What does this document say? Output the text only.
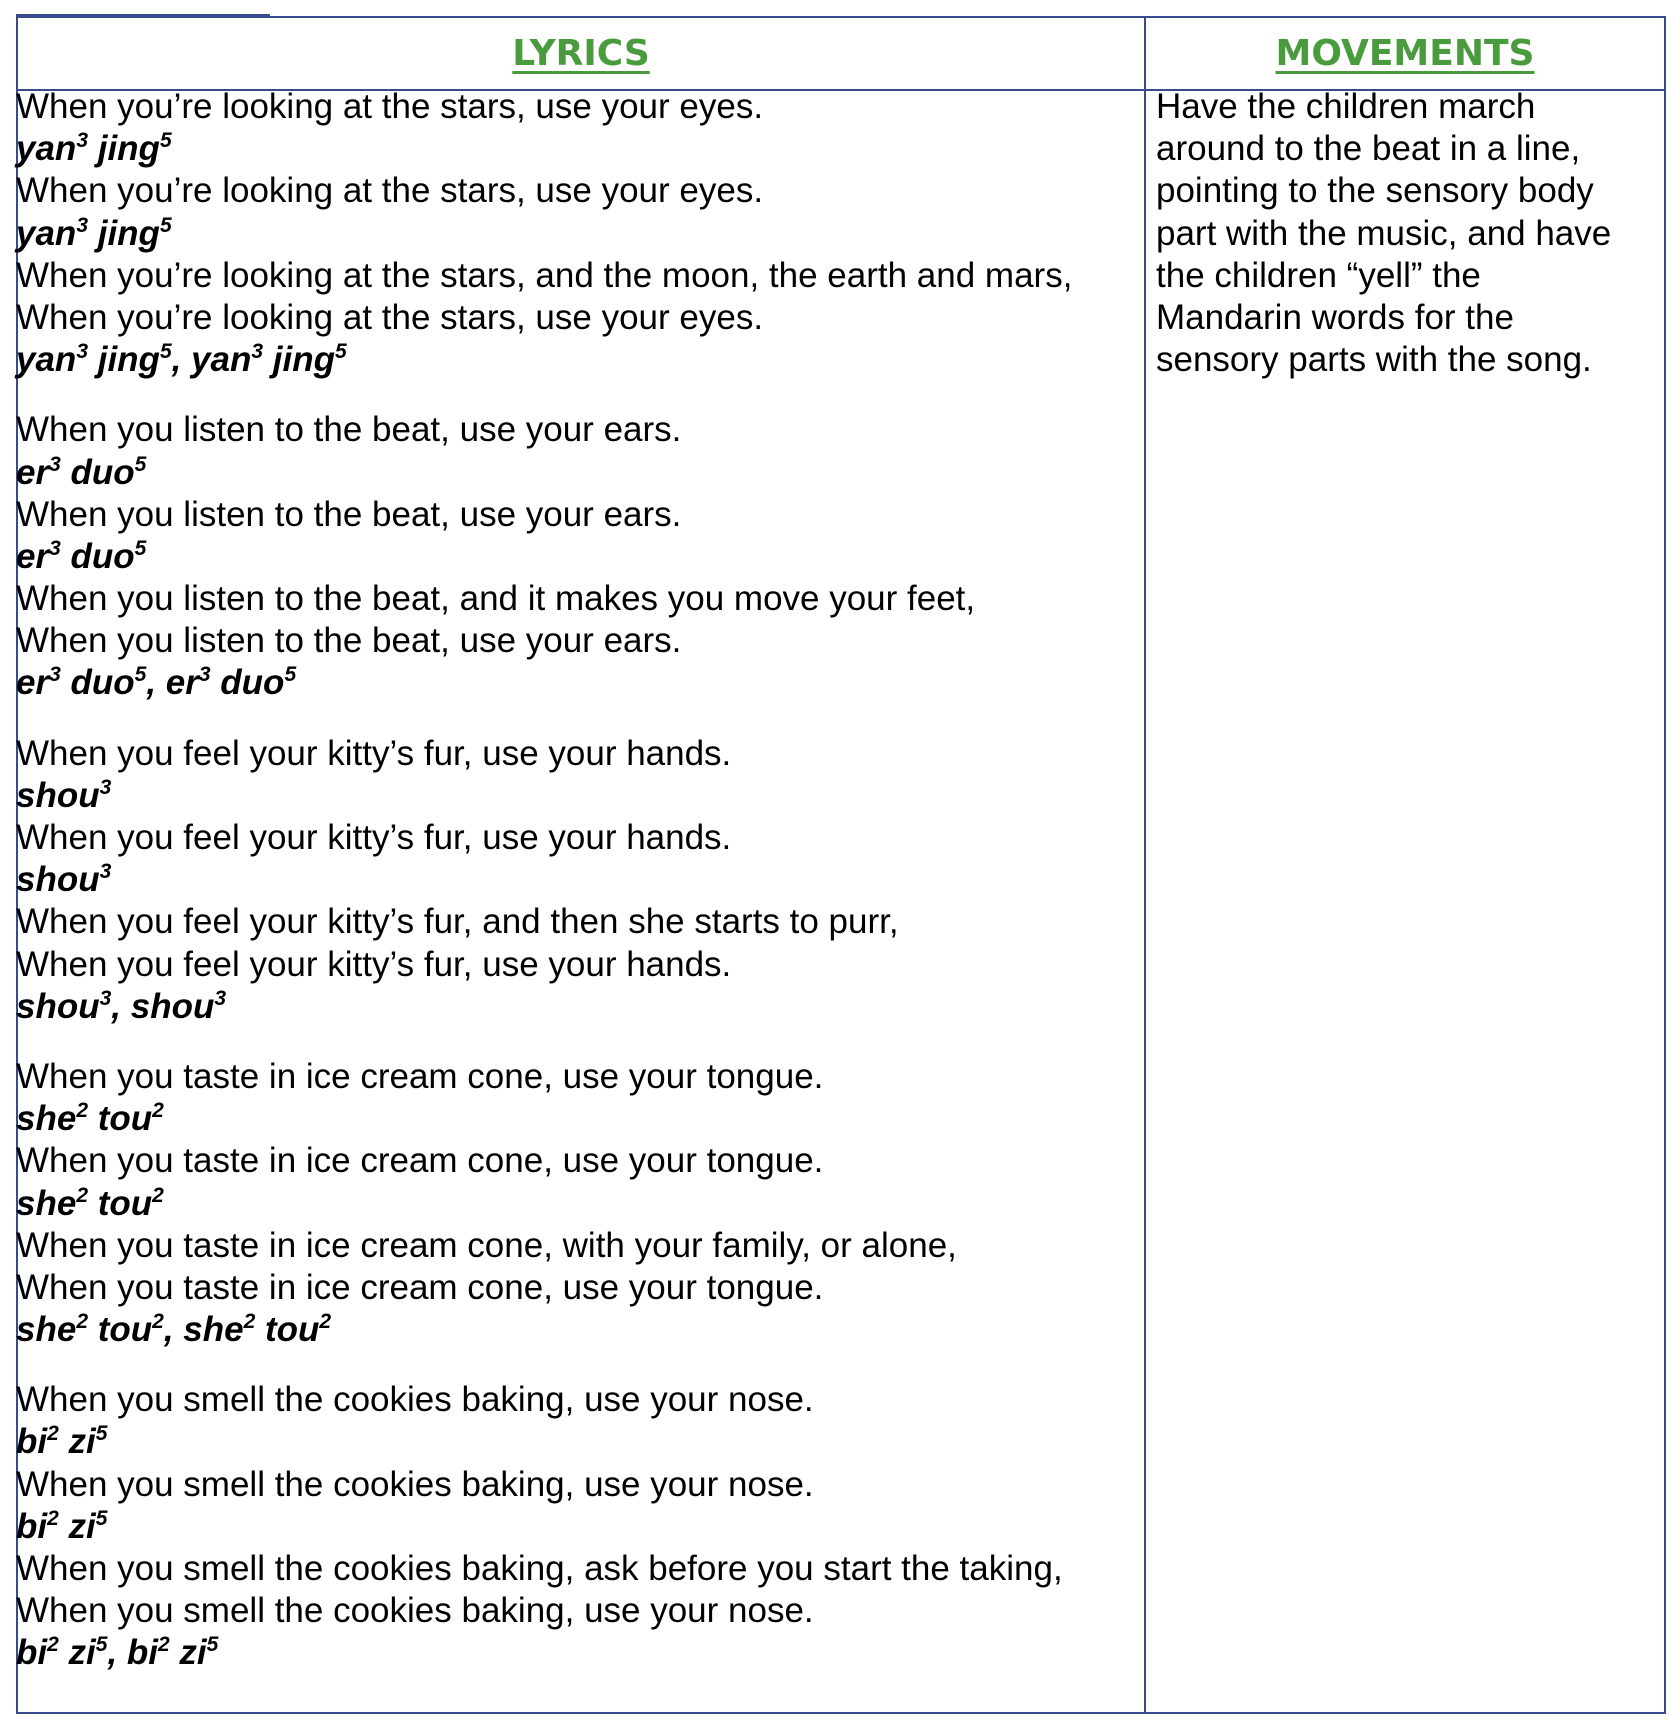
LYRICS	MOVEMENTS
When you’re looking at the stars, use your eyes.
yan$^3$ jing$^5$
When you’re looking at the stars, use your eyes.
yan$^3$ jing$^5$
When you’re looking at the stars, and the moon, the earth and mars,
When you’re looking at the stars, use your eyes.
yan$^3$ jing$^5$, yan$^3$ jing$^5$
When you listen to the beat, use your ears.
$er^3$ duo$^5$
When you listen to the beat, use your ears.
$er^3$ duo$^5$
When you listen to the beat, and it makes you move your feet,
When you listen to the beat, use your ears.
$er^3$ duo$^5$, $er^3$ duo$^5$
When you feel your kitty’s fur, use your hands.
shou$^3$
When you feel your kitty’s fur, use your hands.
shou$^3$
When you feel your kitty’s fur, and then she starts to purr,
When you feel your kitty’s fur, use your hands.
shou$^3$, shou$^3$
When you taste in ice cream cone, use your tongue.
she$^2$ tou$^2$
When you taste in ice cream cone, use your tongue.
she$^2$ tou$^2$
When you taste in ice cream cone, with your family, or alone,
When you taste in ice cream cone, use your tongue.
she$^2$ tou$^2$, she$^2$ tou$^2$
When you smell the cookies baking, use your nose.
$bi^2$ $zi^5$
When you smell the cookies baking, use your nose.
$bi^2$ $zi^5$
When you smell the cookies baking, ask before you start the taking,
When you smell the cookies baking, use your nose.
$bi^2$ $zi^5$, $bi^2$ $zi^5$
Have the children march
around to the beat in a line,
pointing to the sensory body
part with the music, and have
the children “yell” the
Mandarin words for the
sensory parts with the song.
